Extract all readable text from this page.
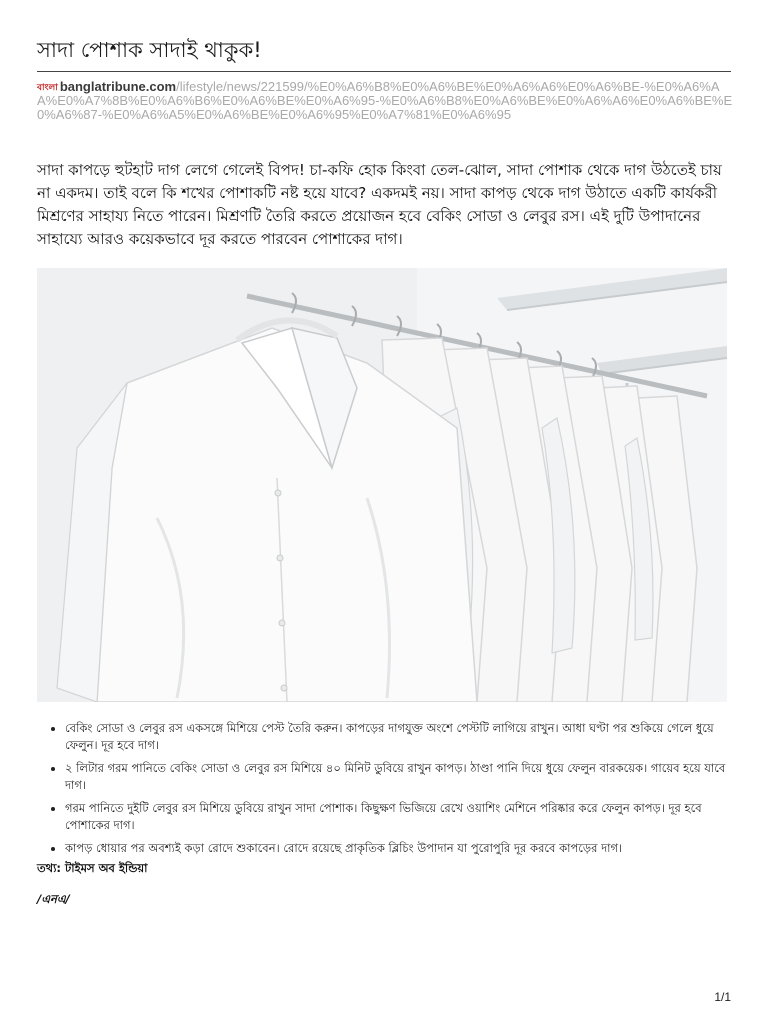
সাদা পোশাক সাদাই থাকুক!
বাংলা banglatribune.com/lifestyle/news/221599/%E0%A6%B8%E0%A6%BE%E0%A6%A6%E0%A6%BE-%E0%A6%AA%E0%A7%8B%E0%A6%B6%E0%A6%BE%E0%A6%95-%E0%A6%B8%E0%A6%BE%E0%A6%A6%E0%A6%BE%E0%A6%87-%E0%A6%A5%E0%A6%BE%E0%A6%95%E0%A7%81%E0%A6%95

সাদা কাপড়ে হুটহাট দাগ লেগে গেলেই বিপদ! চা-কফি হোক কিংবা তেল-ঝোল, সাদা পোশাক থেকে দাগ উঠতেই চায় না একদম। তাই বলে কি শখের পোশাকটি নষ্ট হয়ে যাবে? একদমই নয়। সাদা কাপড় থেকে দাগ উঠাতে একটি কার্যকরী মিশ্রণের সাহায্য নিতে পারেন। মিশ্রণটি তৈরি করতে প্রয়োজন হবে বেকিং সোডা ও লেবুর রস। এই দুটি উপাদানের সাহায্যে আরও কয়েকভাবে দূর করতে পারবেন পোশাকের দাগ।

• বেকিং সোডা ও লেবুর রস একসঙ্গে মিশিয়ে পেস্ট তৈরি করুন। কাপড়ের দাগযুক্ত অংশে পেস্টটি লাগিয়ে রাখুন। আধা ঘণ্টা পর শুকিয়ে গেলে ধুয়ে ফেলুন। দূর হবে দাগ।
• ২ লিটার গরম পানিতে বেকিং সোডা ও লেবুর রস মিশিয়ে ৪০ মিনিট ডুবিয়ে রাখুন কাপড়। ঠাণ্ডা পানি দিয়ে ধুয়ে ফেলুন বারকয়েক। গায়েব হয়ে যাবে দাগ।
• গরম পানিতে দুইটি লেবুর রস মিশিয়ে ডুবিয়ে রাখুন সাদা পোশাক। কিছুক্ষণ ভিজিয়ে রেখে ওয়াশিং মেশিনে পরিষ্কার করে ফেলুন কাপড়। দূর হবে পোশাকের দাগ।
• কাপড় ধোয়ার পর অবশ্যই কড়া রোদে শুকাবেন। রোদে রয়েছে প্রাকৃতিক ব্লিচিং উপাদান যা পুরোপুরি দূর করবে কাপড়ের দাগ।
তথ্য: টাইমস অব ইন্ডিয়া
/এনএ/
1/1
